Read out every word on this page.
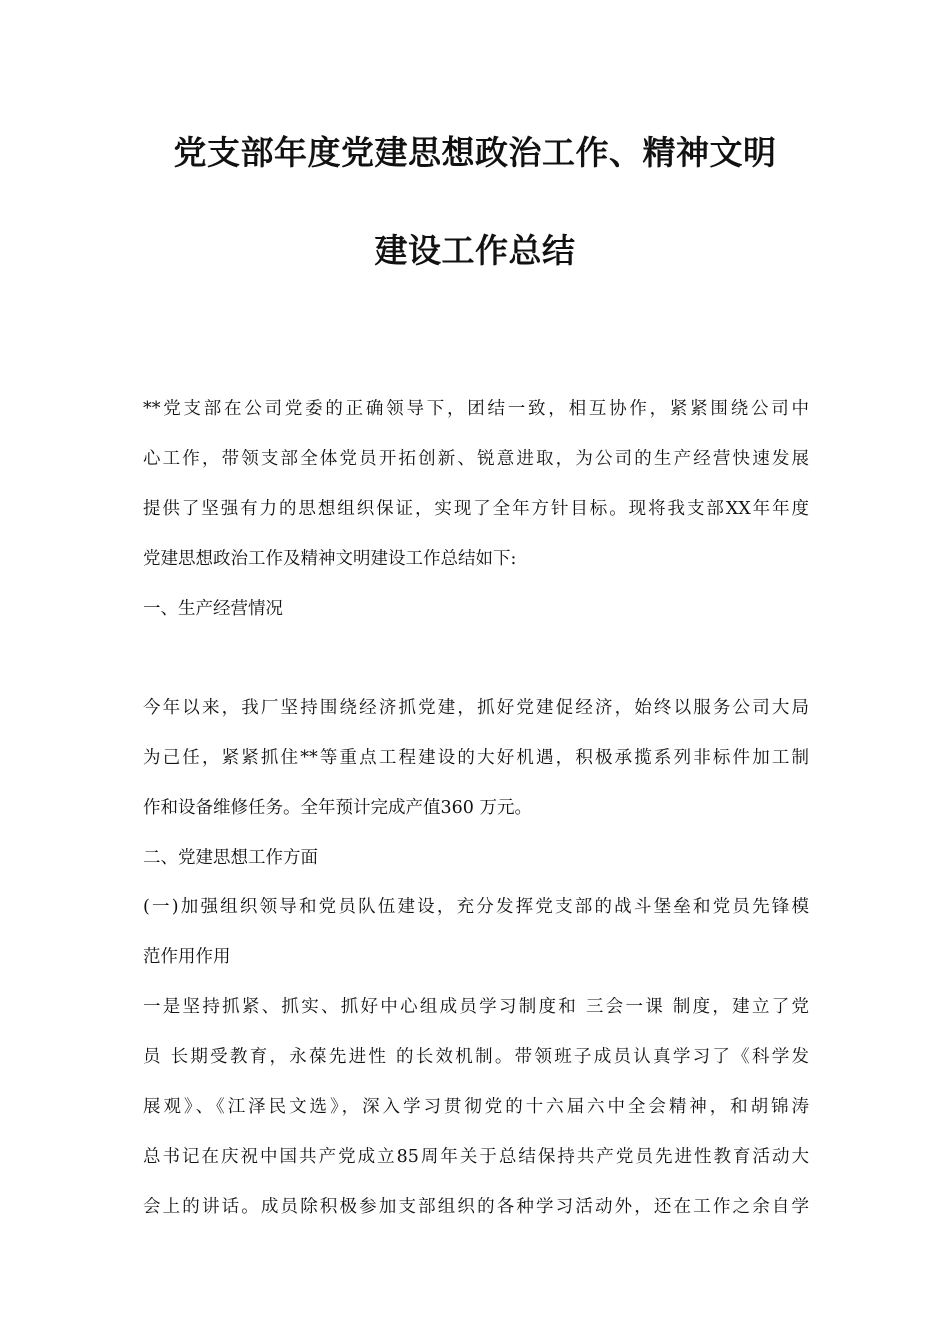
党支部年度党建思想政治工作、精神文明
建设工作总结
**党支部在公司党委的正确领导下，团结一致，相互协作，紧紧围绕公司中
心工作，带领支部全体党员开拓创新、锐意进取，为公司的生产经营快速发展
提供了坚强有力的思想组织保证，实现了全年方针目标。现将我支部XX年年度
党建思想政治工作及精神文明建设工作总结如下:
一、生产经营情况
今年以来，我厂坚持围绕经济抓党建，抓好党建促经济，始终以服务公司大局
为己任，紧紧抓住**等重点工程建设的大好机遇，积极承揽系列非标件加工制
作和设备维修任务。全年预计完成产值360 万元。
二、党建思想工作方面
(一)加强组织领导和党员队伍建设，充分发挥党支部的战斗堡垒和党员先锋模
范作用作用
一是坚持抓紧、抓实、抓好中心组成员学习制度和 三会一课 制度，建立了党
员 长期受教育，永葆先进性 的长效机制。带领班子成员认真学习了《科学发
展观》、《江泽民文选》，深入学习贯彻党的十六届六中全会精神，和胡锦涛
总书记在庆祝中国共产党成立85周年关于总结保持共产党员先进性教育活动大
会上的讲话。成员除积极参加支部组织的各种学习活动外，还在工作之余自学
